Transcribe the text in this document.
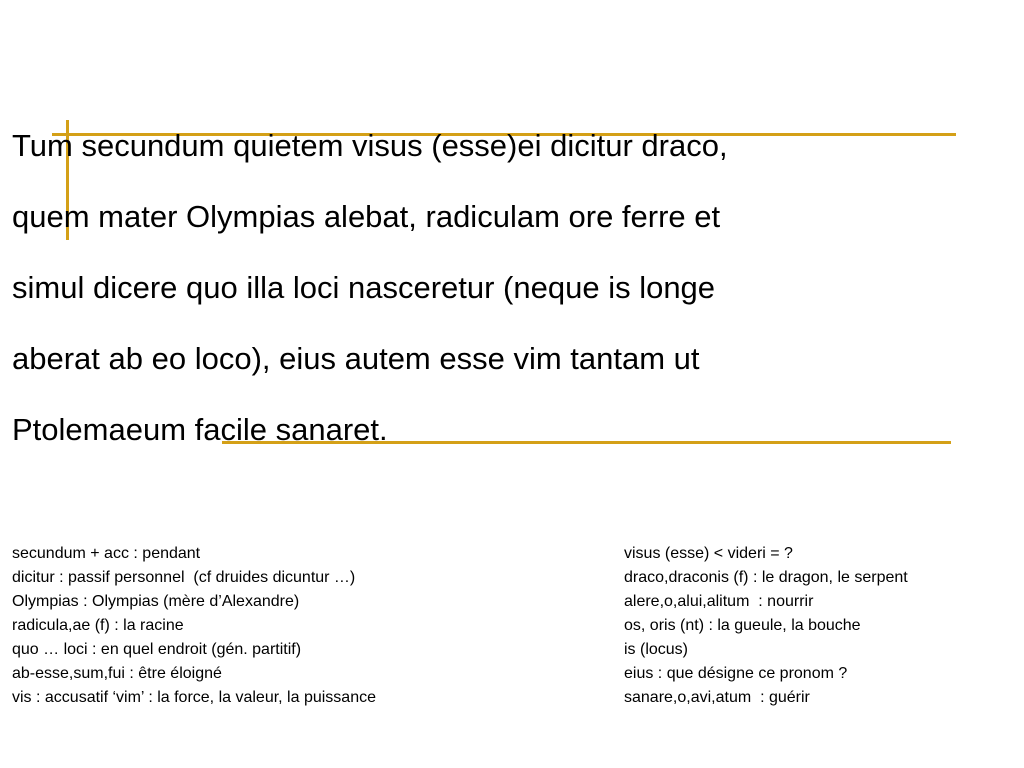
Tum secundum quietem visus (esse)ei dicitur draco,
quem mater Olympias alebat, radiculam ore ferre et
simul dicere quo illa loci nasceretur (neque is longe
aberat ab eo loco), eius autem esse vim tantam ut
Ptolemaeum facile sanaret.
secundum + acc : pendant
dicitur : passif personnel  (cf druides dicuntur …)
Olympias : Olympias (mère d’Alexandre)
radicula,ae (f) : la racine
quo … loci : en quel endroit (gén. partitif)
ab-esse,sum,fui : être éloigné
vis : accusatif ‘vim’ : la force, la valeur, la puissance
visus (esse) < videri = ?
draco,draconis (f) : le dragon, le serpent
alere,o,alui,alitum  : nourrir
os, oris (nt) : la gueule, la bouche
is (locus)
eius : que désigne ce pronom ?
sanare,o,avi,atum  : guérir
